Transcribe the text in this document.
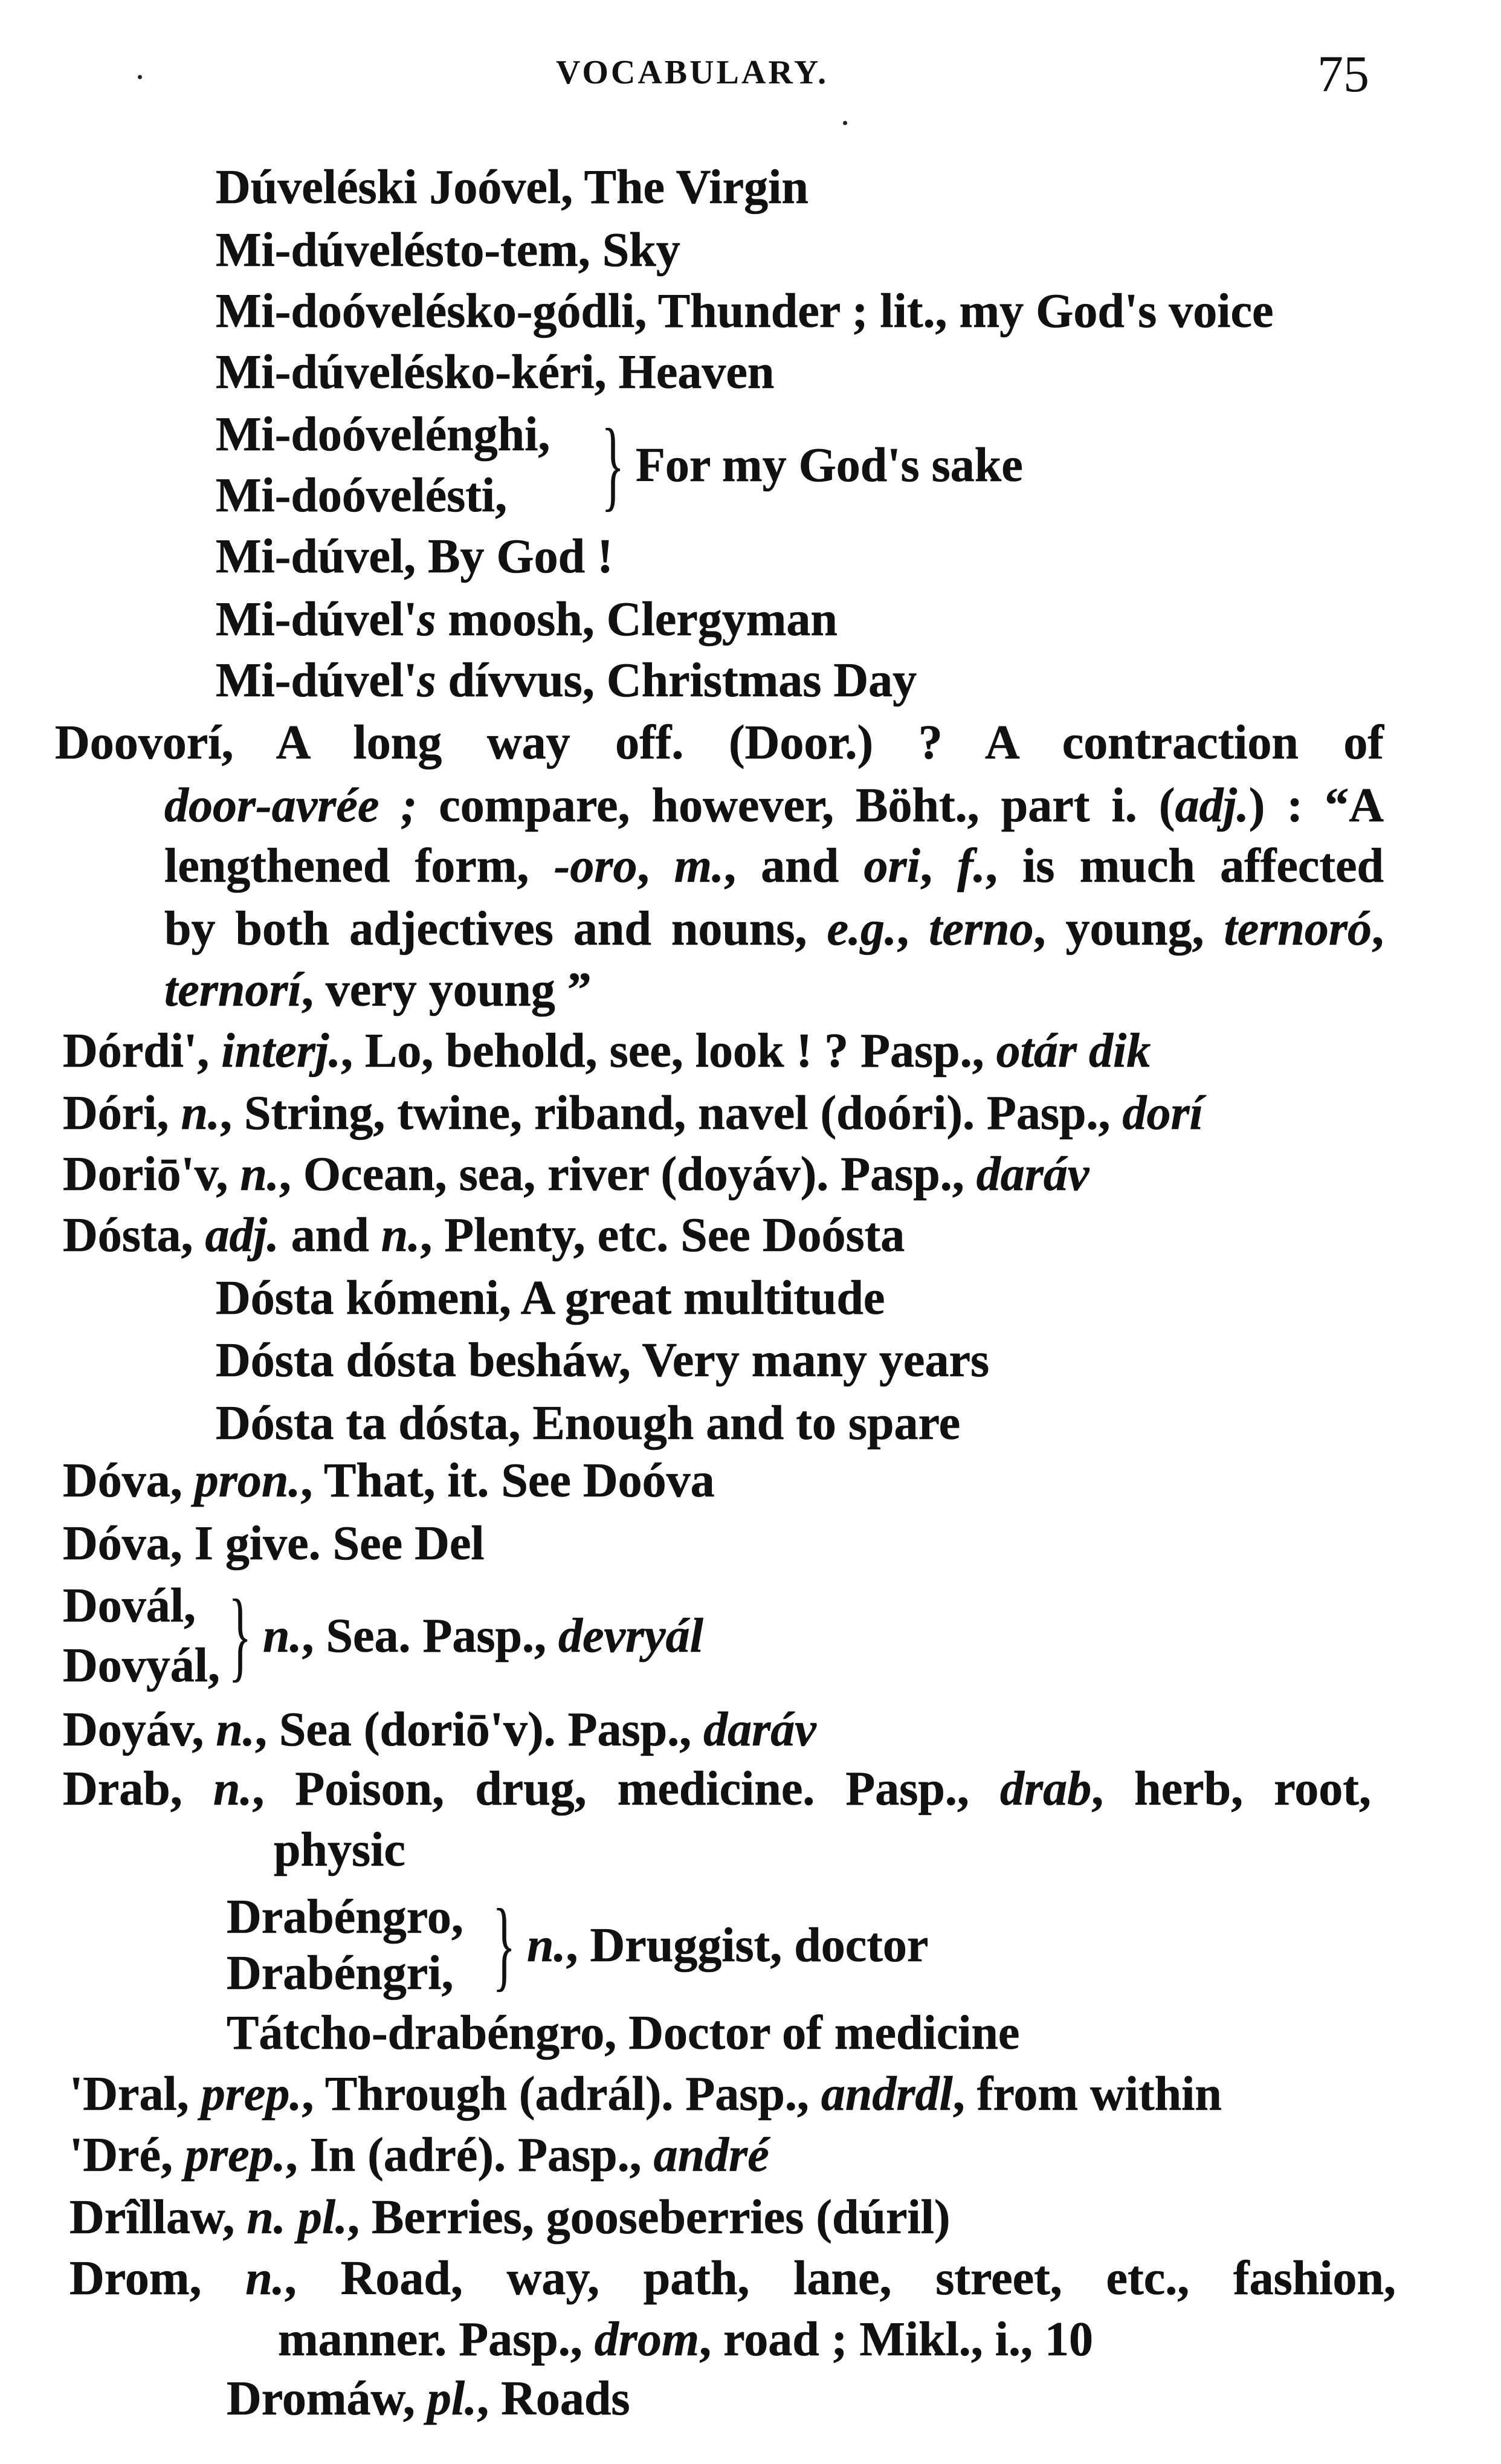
VOCABULARY.	75
Dúveléski Joóvel, The Virgin
Mi-dúvelésto-tem, Sky
Mi-doóvelésko-gódli, Thunder ; lit., my God's voice
Mi-dúvelésko-kéri, Heaven
Mi-doóvelénghi,
Mi-doóvelésti, } For my God's sake
Mi-dúvel, By God !
Mi-dúvel's moosh, Clergyman
Mi-dúvel's dívvus, Christmas Day
Doovorí, A long way off. (Door.) ? A contraction of
door-avrée ; compare, however, Böht., part i. (adj.) : “A
lengthened form, -oro, m., and ori, f., is much affected
by both adjectives and nouns, e.g., terno, young, ternoró,
ternorí, very young ”
Dórdi', interj., Lo, behold, see, look ! ? Pasp., otár dik
Dóri, n., String, twine, riband, navel (doóri). Pasp., dorí
Doriō'v, n., Ocean, sea, river (doyáv). Pasp., daráv
Dósta, adj. and n., Plenty, etc. See Doósta
Dósta kómeni, A great multitude
Dósta dósta besháw, Very many years
Dósta ta dósta, Enough and to spare
Dóva, pron., That, it. See Doóva
Dóva, I give. See Del
Dovál,
Dovyál, } n., Sea. Pasp., devryál
Doyáv, n., Sea (doriō'v). Pasp., daráv
Drab, n., Poison, drug, medicine. Pasp., drab, herb, root,
physic
Drabéngro,
Drabéngri, } n., Druggist, doctor
Tátcho-drabéngro, Doctor of medicine
'Dral, prep., Through (adrál). Pasp., andrdl, from within
'Dré, prep., In (adré). Pasp., andré
Drîllaw, n. pl., Berries, gooseberries (dúril)
Drom, n., Road, way, path, lane, street, etc., fashion,
manner. Pasp., drom, road ; Mikl., i., 10
Dromáw, pl., Roads
